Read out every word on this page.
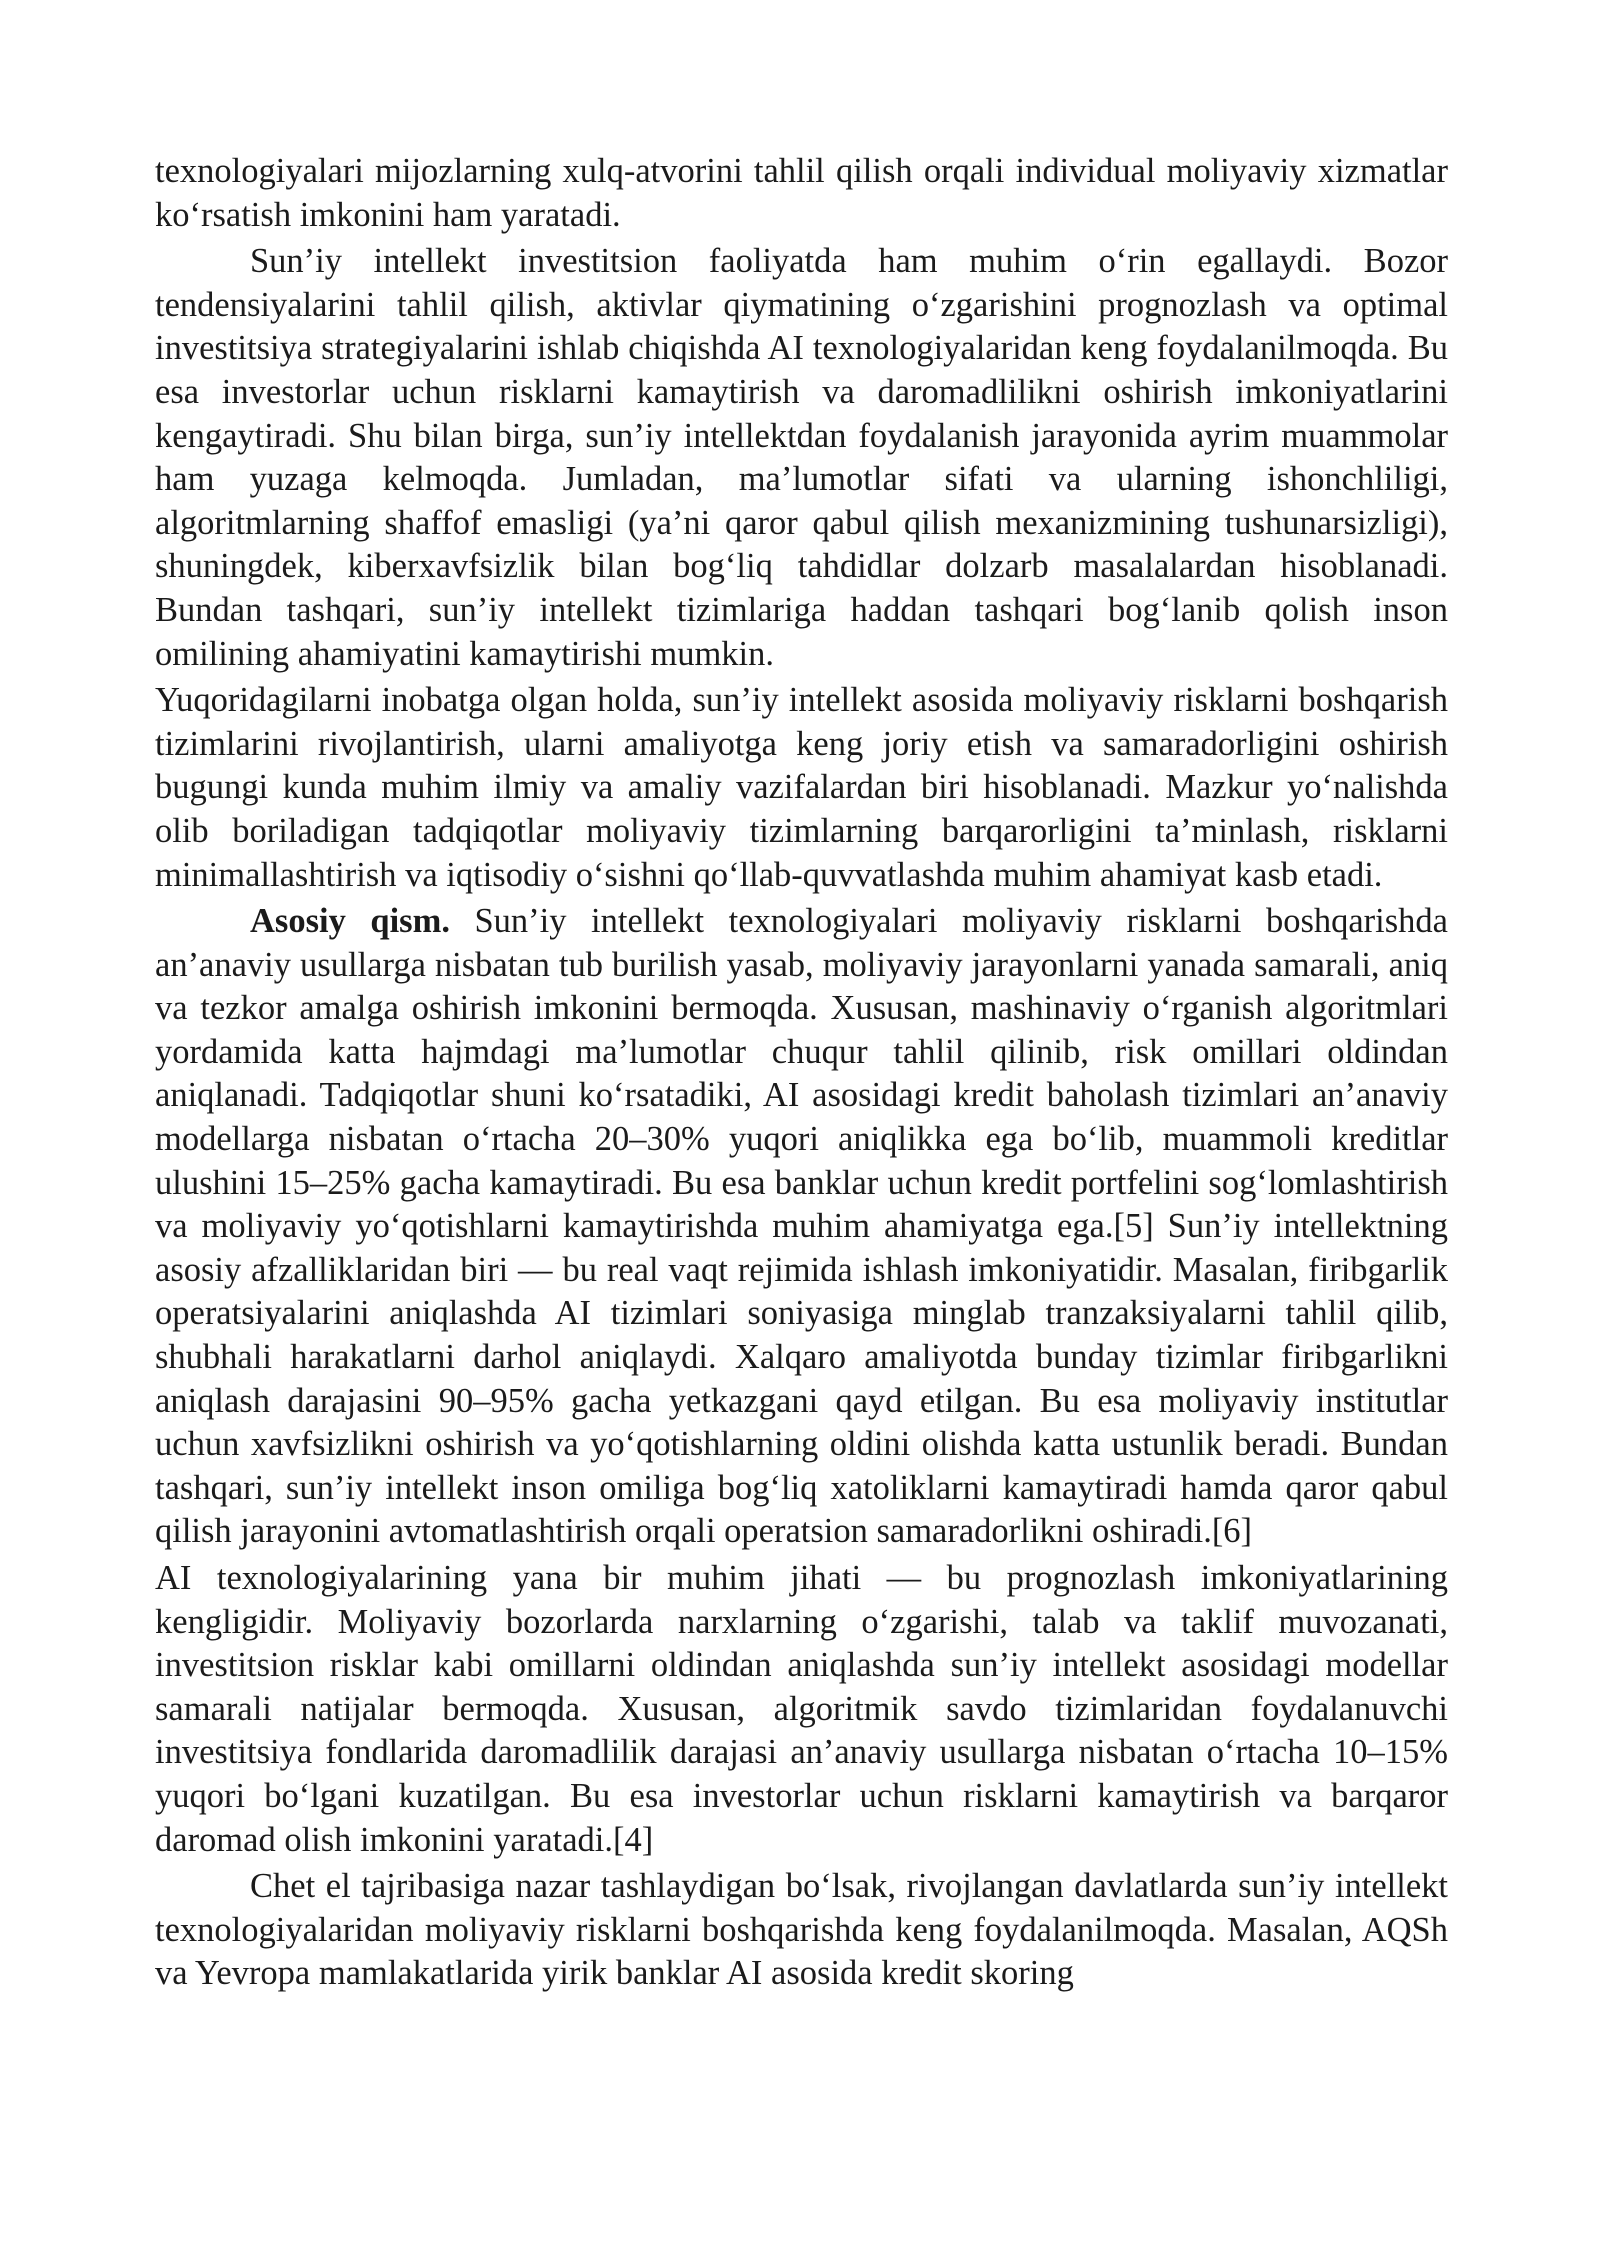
texnologiyalari mijozlarning xulq-atvorini tahlil qilish orqali individual moliyaviy xizmatlar ko‘rsatish imkonini ham yaratadi.

Sun’iy intellekt investitsion faoliyatda ham muhim o‘rin egallaydi. Bozor tendensiyalarini tahlil qilish, aktivlar qiymatining o‘zgarishini prognozlash va optimal investitsiya strategiyalarini ishlab chiqishda AI texnologiyalaridan keng foydalanilmoqda. Bu esa investorlar uchun risklarni kamaytirish va daromadlilikni oshirish imkoniyatlarini kengaytiradi. Shu bilan birga, sun’iy intellektdan foydalanish jarayonida ayrim muammolar ham yuzaga kelmoqda. Jumladan, ma’lumotlar sifati va ularning ishonchliligi, algoritmlarning shaffof emasligi (ya’ni qaror qabul qilish mexanizmining tushunarsizligi), shuningdek, kiberxavfsizlik bilan bog‘liq tahdidlar dolzarb masalalardan hisoblanadi. Bundan tashqari, sun’iy intellekt tizimlariga haddan tashqari bog‘lanib qolish inson omilining ahamiyatini kamaytirishi mumkin.

Yuqoridagilarni inobatga olgan holda, sun’iy intellekt asosida moliyaviy risklarni boshqarish tizimlarini rivojlantirish, ularni amaliyotga keng joriy etish va samaradorligini oshirish bugungi kunda muhim ilmiy va amaliy vazifalardan biri hisoblanadi. Mazkur yo‘nalishda olib boriladigan tadqiqotlar moliyaviy tizimlarning barqarorligini ta’minlash, risklarni minimallashtirish va iqtisodiy o‘sishni qo‘llab-quvvatlashda muhim ahamiyat kasb etadi.

Asosiy qism. Sun’iy intellekt texnologiyalari moliyaviy risklarni boshqarishda an’anaviy usullarga nisbatan tub burilish yasab, moliyaviy jarayonlarni yanada samarali, aniq va tezkor amalga oshirish imkonini bermoqda. Xususan, mashinaviy o‘rganish algoritmlari yordamida katta hajmdagi ma’lumotlar chuqur tahlil qilinib, risk omillari oldindan aniqlanadi. Tadqiqotlar shuni ko‘rsatadiki, AI asosidagi kredit baholash tizimlari an’anaviy modellarga nisbatan o‘rtacha 20–30% yuqori aniqlikka ega bo‘lib, muammoli kreditlar ulushini 15–25% gacha kamaytiradi. Bu esa banklar uchun kredit portfelini sog‘lomlashtirish va moliyaviy yo‘qotishlarni kamaytirishda muhim ahamiyatga ega.[5] Sun’iy intellektning asosiy afzalliklaridan biri — bu real vaqt rejimida ishlash imkoniyatidir. Masalan, firibgarlik operatsiyalarini aniqlashda AI tizimlari soniyasiga minglab tranzaksiyalarni tahlil qilib, shubhali harakatlarni darhol aniqlaydi. Xalqaro amaliyotda bunday tizimlar firibgarlikni aniqlash darajasini 90–95% gacha yetkazgani qayd etilgan. Bu esa moliyaviy institutlar uchun xavfsizlikni oshirish va yo‘qotishlarning oldini olishda katta ustunlik beradi. Bundan tashqari, sun’iy intellekt inson omiliga bog‘liq xatoliklarni kamaytiradi hamda qaror qabul qilish jarayonini avtomatlashtirish orqali operatsion samaradorlikni oshiradi.[6]

AI texnologiyalarining yana bir muhim jihati — bu prognozlash imkoniyatlarining kengligidir. Moliyaviy bozorlarda narxlarning o‘zgarishi, talab va taklif muvozanati, investitsion risklar kabi omillarni oldindan aniqlashda sun’iy intellekt asosidagi modellar samarali natijalar bermoqda. Xususan, algoritmik savdo tizimlaridan foydalanuvchi investitsiya fondlarida daromadlilik darajasi an’anaviy usullarga nisbatan o‘rtacha 10–15% yuqori bo‘lgani kuzatilgan. Bu esa investorlar uchun risklarni kamaytirish va barqaror daromad olish imkonini yaratadi.[4]

Chet el tajribasiga nazar tashlaydigan bo‘lsak, rivojlangan davlatlarda sun’iy intellekt texnologiyalaridan moliyaviy risklarni boshqarishda keng foydalanilmoqda. Masalan, AQSh va Yevropa mamlakatlarida yirik banklar AI asosida kredit skoring
